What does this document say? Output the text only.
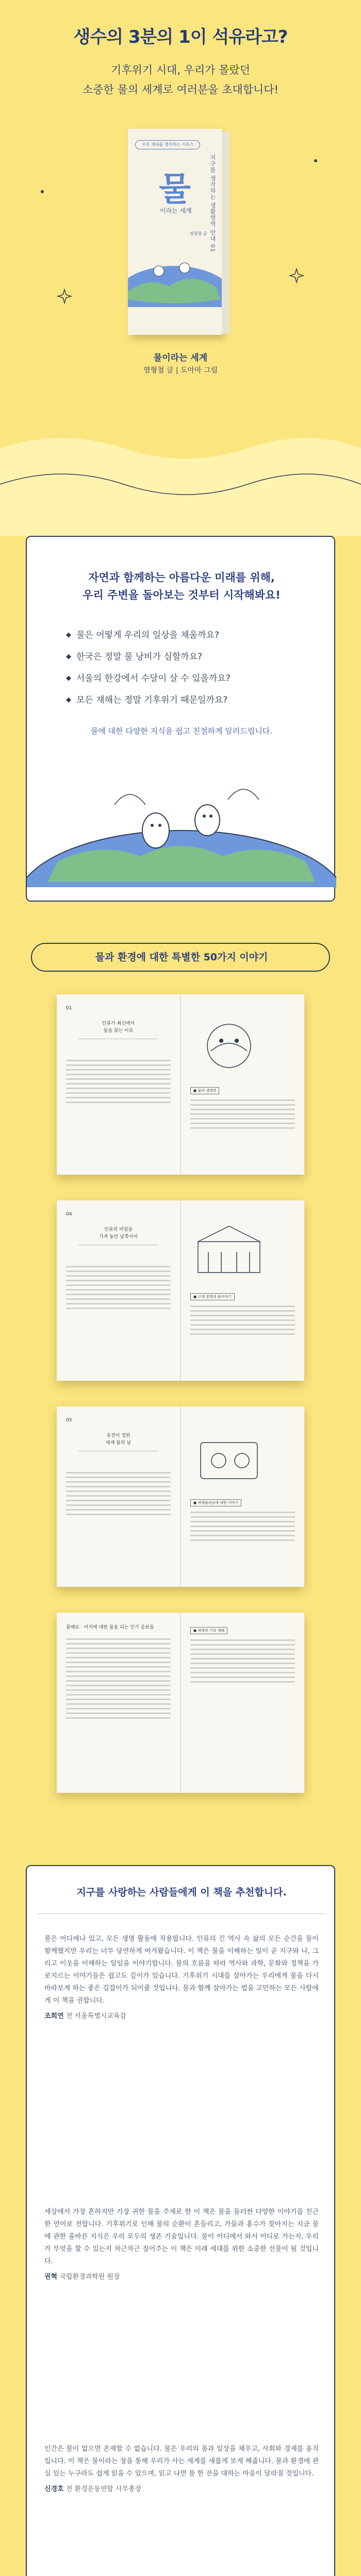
생수의 3분의 1이 석유라고?

기후위기 시대, 우리가 몰랐던

소중한 물의 세계로 여러분을 초대합니다!

우리 세대를 생각하는 시리즈
물
이라는 세계
염형철 글 지구를 생각하는 생활영역 안내 01
물이라는 세계
염형철 글 | 도아마 그림
자연과 함께하는 아름다운 미래를 위해,
우리 주변을 돌아보는 것부터 시작해봐요!
◆ 물은 어떻게 우리의 일상을 채울까요?
◆ 한국은 정말 물 낭비가 심할까요?
◆ 서울의 한강에서 수달이 살 수 있을까요?
◆ 모든 재해는 정말 기후위기 때문일까요?
물에 대한 다양한 지식을 쉽고 친절하게 알려드립니다.
물과 환경에 대한 특별한 50가지 이야기
01
인류가 최선에서
물을 찾는 이유
● 물의 생명력
04
인류의 비밀을
가져 놓인 남쪽이아
● 고대 문명과 물이야기
05
유전이 정한
세계 물의 날
● 세계물의날에 대한 이야기
물때로 · 미지에 대한 물을 되는 인기 음료들
● 세계의 기상 재해
지구를 사랑하는 사람들에게 이 책을 추천합니다.

물은 어디에나 있고, 모든 생명 활동에 작용합니다. 인류의 긴 역사 속 삶의 모든 순간을 물이 함께했지만 우리는 너무 당연하게 여겨왔습니다. 이 책은 물을 이해하는 일이 곧 지구와 나, 그리고 이웃을 이해하는 일임을 이야기합니다. 물의 흐름을 따라 역사와 과학, 문화와 정책을 가로지르는 이야기들은 쉽고도 깊이가 있습니다. 기후위기 시대를 살아가는 우리에게 물을 다시 바라보게 하는 좋은 길잡이가 되어줄 것입니다. 물과 함께 살아가는 법을 고민하는 모든 사람에게 이 책을 권합니다.

조희연 전 서울특별시교육감

세상에서 가장 흔하지만 가장 귀한 물을 주제로 한 이 책은 물을 둘러싼 다양한 이야기를 친근한 언어로 전합니다. 기후위기로 인해 물의 순환이 흔들리고, 가뭄과 홍수가 잦아지는 지금 물에 관한 올바른 지식은 우리 모두의 생존 기술입니다. 물이 어디에서 와서 어디로 가는지, 우리가 무엇을 할 수 있는지 차근차근 짚어주는 이 책은 미래 세대를 위한 소중한 선물이 될 것입니다.

권혁 국립환경과학원 원장

인간은 물이 없으면 존재할 수 없습니다. 물은 우리의 몸과 일상을 채우고, 사회와 경제를 움직입니다. 이 책은 물이라는 창을 통해 우리가 사는 세계를 새롭게 보게 해줍니다. 물과 환경에 관심 있는 누구라도 쉽게 읽을 수 있으며, 읽고 나면 물 한 잔을 대하는 마음이 달라질 것입니다.

신경호 전 환경운동연합 사무총장
